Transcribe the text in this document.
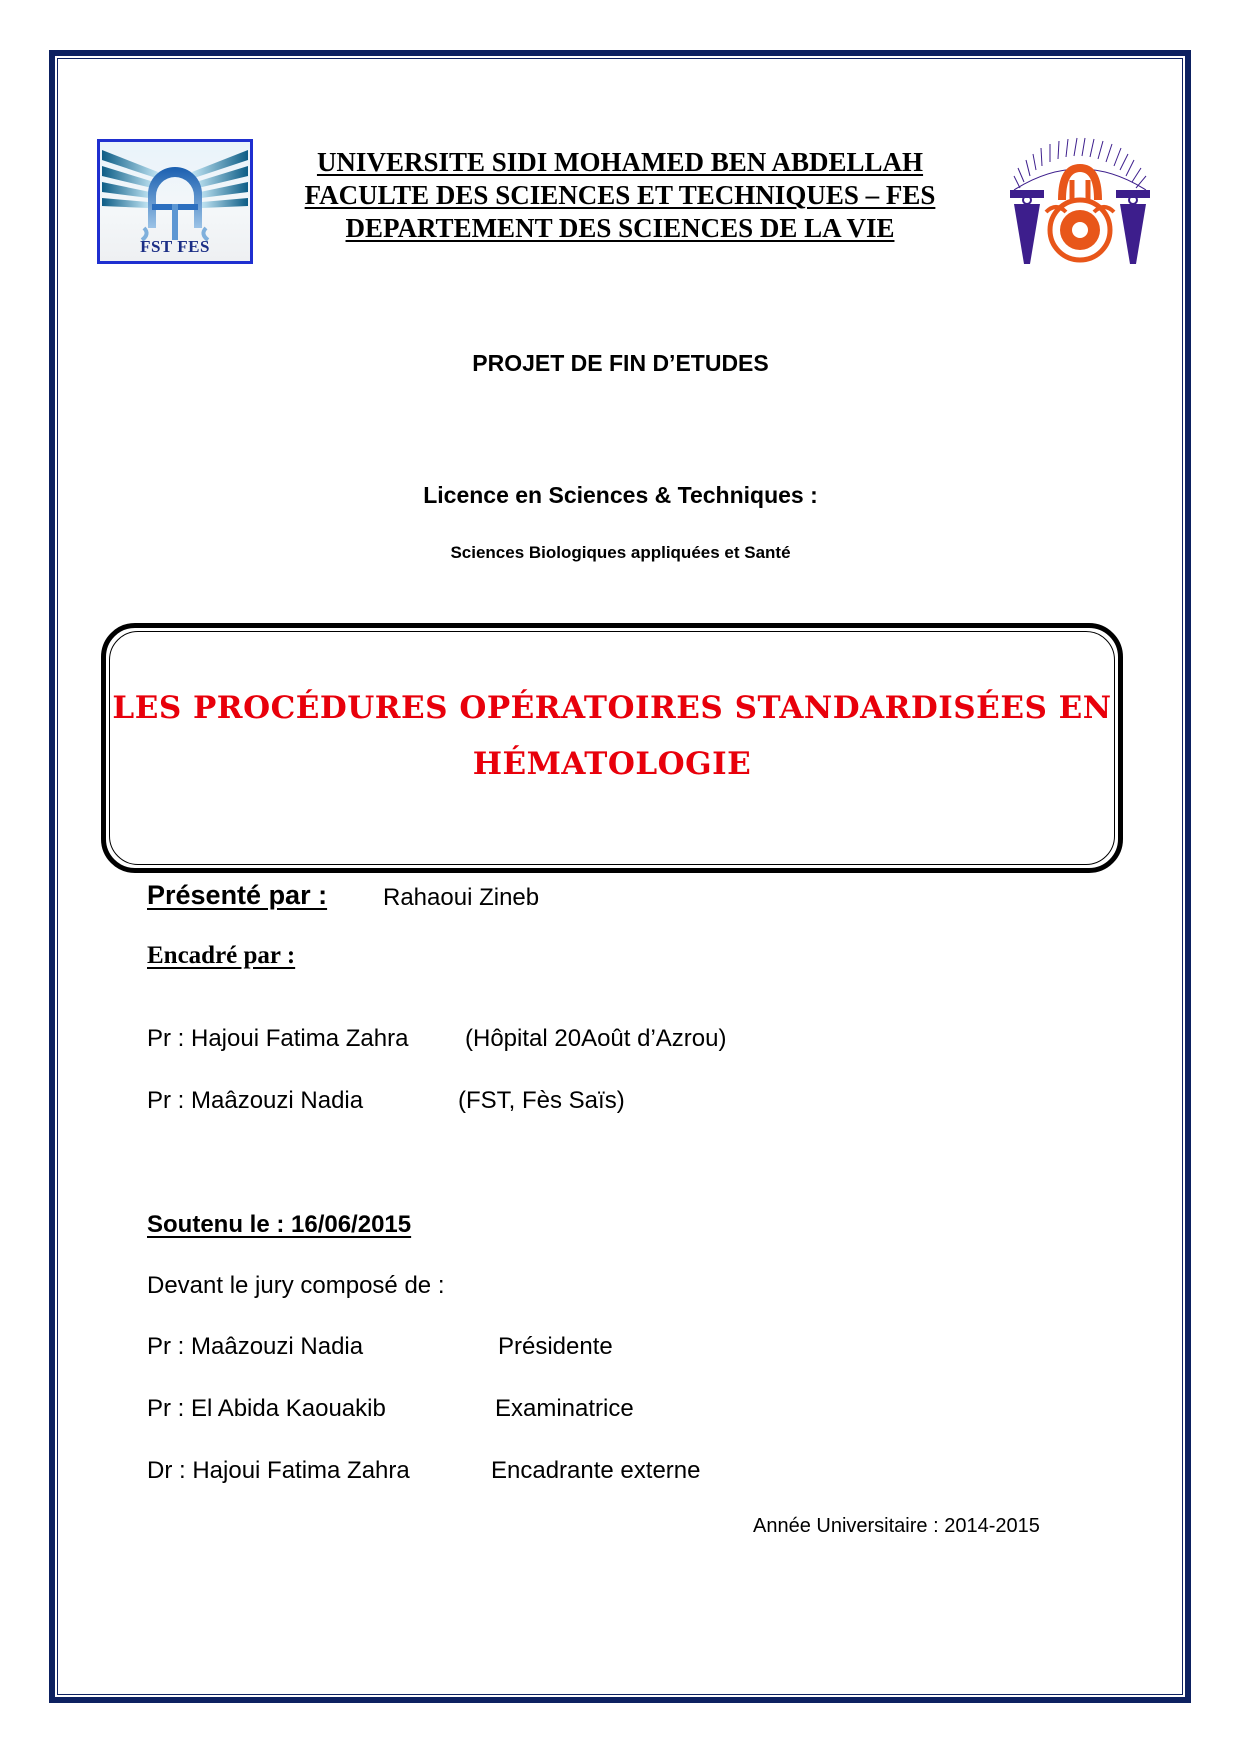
FST FES
UNIVERSITE SIDI MOHAMED BEN ABDELLAH
FACULTE DES SCIENCES ET TECHNIQUES – FES
DEPARTEMENT DES SCIENCES DE LA VIE
PROJET DE FIN D’ETUDES
Licence en Sciences & Techniques :
Sciences Biologiques appliquées et Santé
LES PROCÉDURES OPÉRATOIRES STANDARDISÉES EN
HÉMATOLOGIE
Présenté par : Rahaoui Zineb
Encadré par :
Pr : Hajoui Fatima Zahra (Hôpital 20Août d’Azrou)
Pr : Maâzouzi Nadia	(FST, Fès Saïs)
Soutenu le : 16/06/2015
Devant le jury composé de :
Pr : Maâzouzi Nadia	Présidente
Pr : El Abida Kaouakib	Examinatrice
Dr : Hajoui Fatima Zahra	Encadrante externe
Année Universitaire : 2014-2015
